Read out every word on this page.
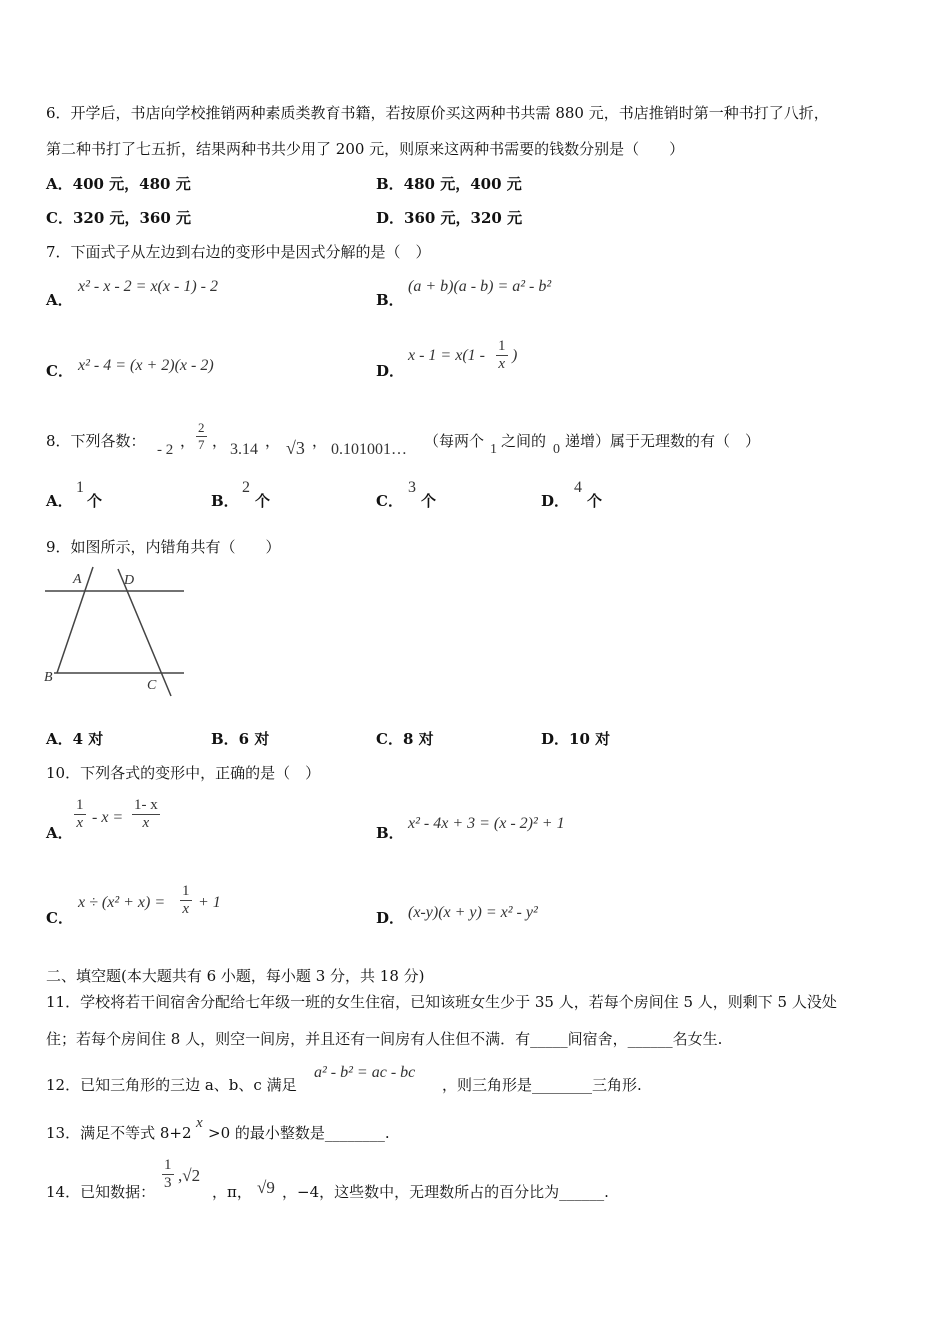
6．开学后，书店向学校推销两种素质类教育书籍，若按原价买这两种书共需 880 元，书店推销时第一种书打了八折，
第二种书打了七五折，结果两种书共少用了 200 元，则原来这两种书需要的钱数分别是（　　）
A．400 元，480 元	B．480 元，400 元
C．320 元，360 元	D．360 元，320 元
7．下面式子从左边到右边的变形中是因式分解的是（　）
A．
x² - x - 2 = x(x - 1) - 2
B．
(a + b)(a - b) = a² - b²
C． x² - 4 = (x + 2)(x - 2)	D．
$x - 1 = x(1 - \frac{1}{x}$ )
8．下列各数： - 2 ， $\frac{2}{7}$ ， 3.14 ， √3 ， 0.101001… （每两个 1 之间的 0 递增）属于无理数的有（　）
A．
1
个	B．
2
个	C．
3
个	D．
4
个
9．如图所示，内错角共有（　　）
A	D
B
C
A．4 对	B．6 对	C．8 对	D．10 对
10．下列各式的变形中，正确的是（　）
A．
$\frac{1}{x} - x = \frac{1- x}{x}$
B．
x² - 4x + 3 = (x - 2)² + 1
C．
$x \div (x^2 + x) = \frac{1}{x} + 1$
D． (x-y)(x + y) = x² - y²
二、填空题(本大题共有 6 小题，每小题 3 分，共 18 分)
11．学校将若干间宿舍分配给七年级一班的女生住宿，已知该班女生少于 35 人，若每个房间住 5 人，则剩下 5 人没处
住；若每个房间住 8 人，则空一间房，并且还有一间房有人住但不满．有_____间宿舍，______名女生.
12．已知三角形的三边 a、b、c 满足
a² - b² = ac - bc
，则三角形是________三角形.
13．满足不等式 8+2
x
>0 的最小整数是________.
14．已知数据： $\frac{1}{3} ,√2$
，π， √9 ，−4，这些数中，无理数所占的百分比为______.
